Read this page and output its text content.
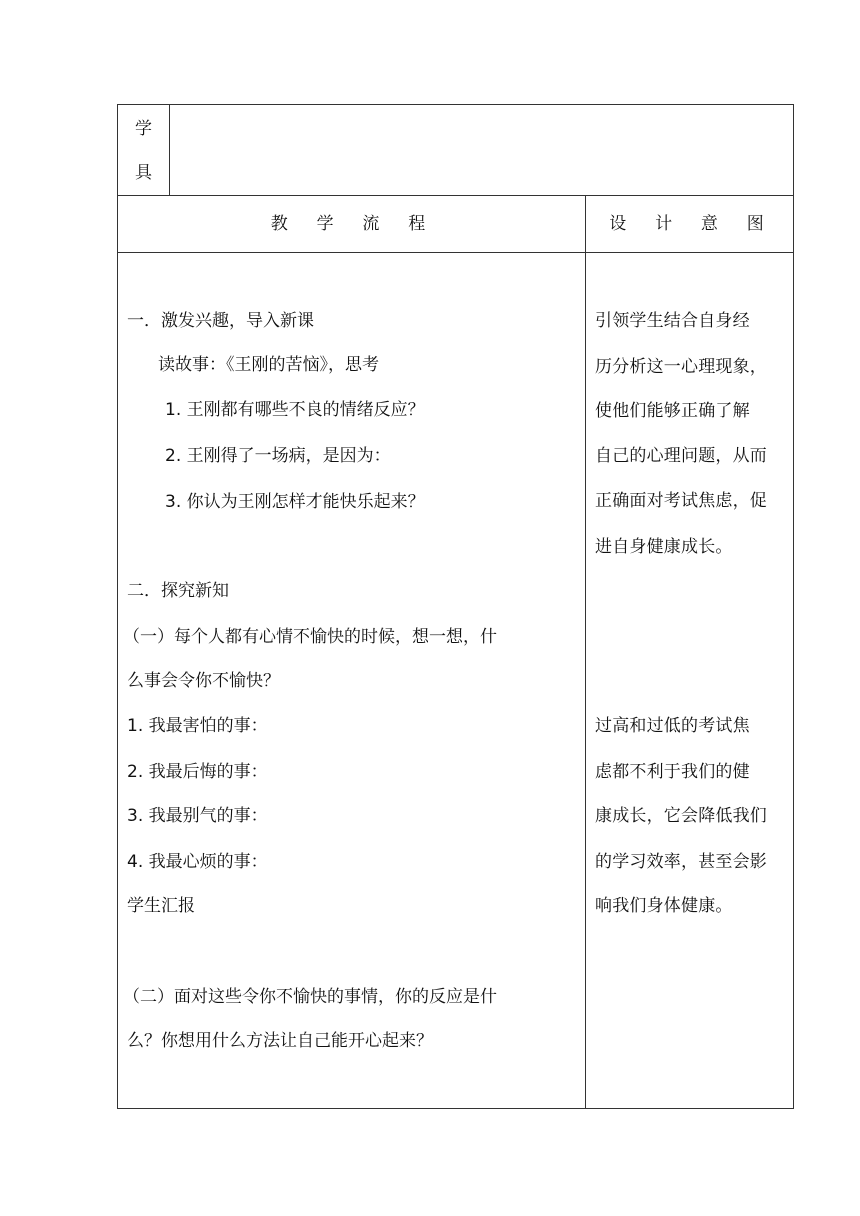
学
具
教  学  流  程	设  计  意  图
一．激发兴趣，导入新课
读故事：《王刚的苦恼》，思考
1. 王刚都有哪些不良的情绪反应？
2. 王刚得了一场病，是因为：
3. 你认为王刚怎样才能快乐起来？
二．探究新知
（一）每个人都有心情不愉快的时候，想一想，什
么事会令你不愉快？
1. 我最害怕的事：
2. 我最后悔的事：
3. 我最别气的事：
4. 我最心烦的事：
学生汇报
（二）面对这些令你不愉快的事情，你的反应是什
么？你想用什么方法让自己能开心起来？
引领学生结合自身经
历分析这一心理现象，
使他们能够正确了解
自己的心理问题，从而
正确面对考试焦虑，促
进自身健康成长。
过高和过低的考试焦
虑都不利于我们的健
康成长，它会降低我们
的学习效率，甚至会影
响我们身体健康。
